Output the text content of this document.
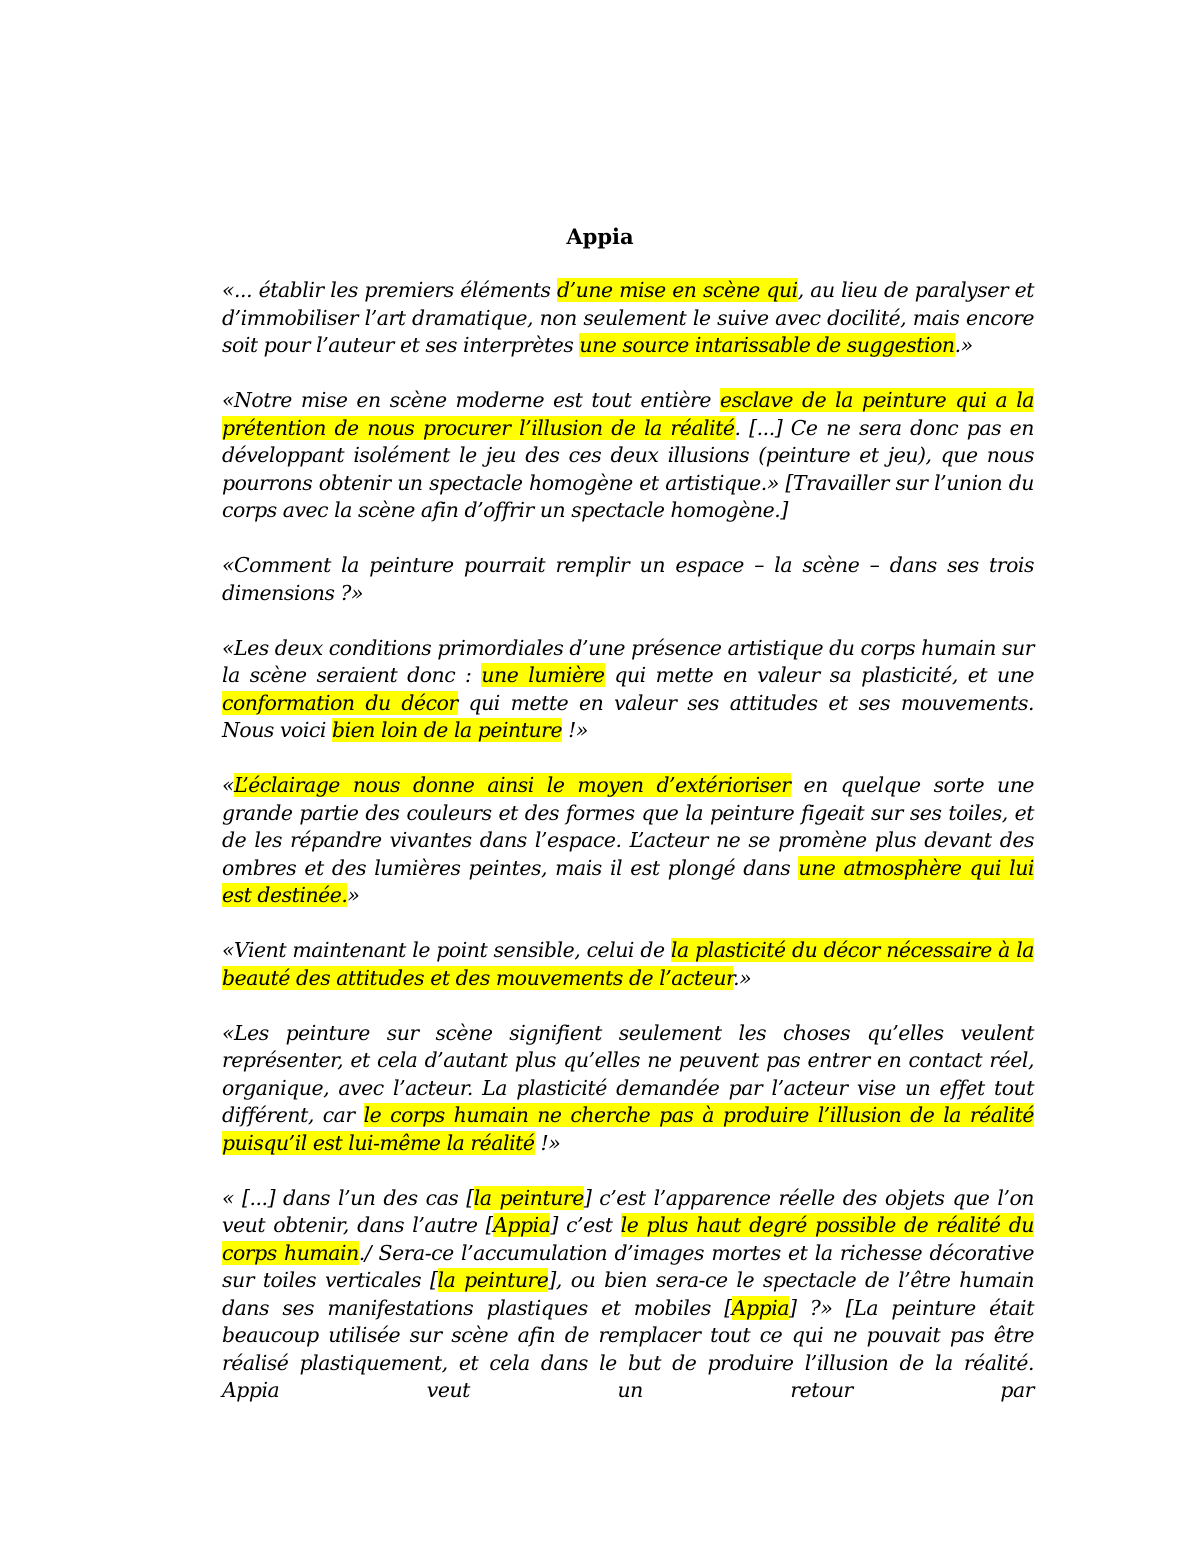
Appia

«... établir les premiers éléments d’une mise en scène qui, au lieu de paralyser et d’immobiliser l’art dramatique, non seulement le suive avec docilité, mais encore soit pour l’auteur et ses interprètes une source intarissable de suggestion.»

«Notre mise en scène moderne est tout entière esclave de la peinture qui a la prétention de nous procurer l’illusion de la réalité. [...] Ce ne sera donc pas en développant isolément le jeu des ces deux illusions (peinture et jeu), que nous pourrons obtenir un spectacle homogène et artistique.» [Travailler sur l’union du corps avec la scène afin d’offrir un spectacle homogène.]

«Comment la peinture pourrait remplir un espace – la scène – dans ses trois dimensions ?»

«Les deux conditions primordiales d’une présence artistique du corps humain sur la scène seraient donc : une lumière qui mette en valeur sa plasticité, et une conformation du décor qui mette en valeur ses attitudes et ses mouvements. Nous voici bien loin de la peinture !»

«L’éclairage nous donne ainsi le moyen d’extérioriser en quelque sorte une grande partie des couleurs et des formes que la peinture figeait sur ses toiles, et de les répandre vivantes dans l’espace. L’acteur ne se promène plus devant des ombres et des lumières peintes, mais il est plongé dans une atmosphère qui lui est destinée.»

«Vient maintenant le point sensible, celui de la plasticité du décor nécessaire à la beauté des attitudes et des mouvements de l’acteur.»

«Les peinture sur scène signifient seulement les choses qu’elles veulent représenter, et cela d’autant plus qu’elles ne peuvent pas entrer en contact réel, organique, avec l’acteur. La plasticité demandée par l’acteur vise un effet tout différent, car le corps humain ne cherche pas à produire l’illusion de la réalité puisqu’il est lui-même la réalité !»

« [...] dans l’un des cas [la peinture] c’est l’apparence réelle des objets que l’on veut obtenir, dans l’autre [Appia] c’est le plus haut degré possible de réalité du corps humain./ Sera-ce l’accumulation d’images mortes et la richesse décorative sur toiles verticales [la peinture], ou bien sera-ce le spectacle de l’être humain dans ses manifestations plastiques et mobiles [Appia] ?» [La peinture était beaucoup utilisée sur scène afin de remplacer tout ce qui ne pouvait pas être réalisé plastiquement, et cela dans le but de produire l’illusion de la réalité. Appia veut un retour par
